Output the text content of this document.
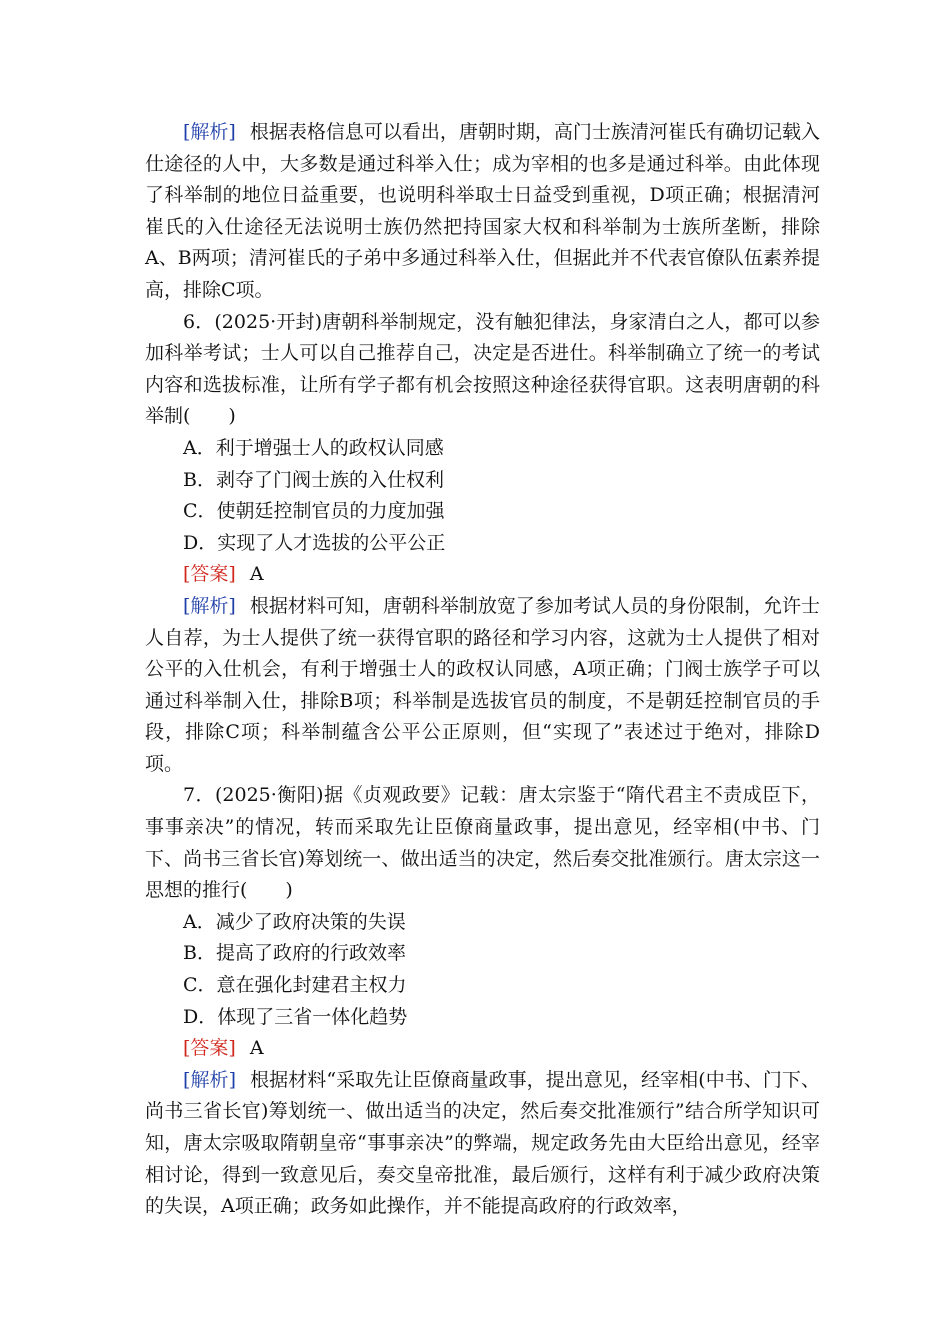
[解析] 根据表格信息可以看出，唐朝时期，高门士族清河崔氏有确切记载入仕途径的人中，大多数是通过科举入仕；成为宰相的也多是通过科举。由此体现了科举制的地位日益重要，也说明科举取士日益受到重视，D项正确；根据清河崔氏的入仕途径无法说明士族仍然把持国家大权和科举制为士族所垄断，排除A、B两项；清河崔氏的子弟中多通过科举入仕，但据此并不代表官僚队伍素养提高，排除C项。

6．(2025·开封)唐朝科举制规定，没有触犯律法，身家清白之人，都可以参加科举考试；士人可以自己推荐自己，决定是否进仕。科举制确立了统一的考试内容和选拔标准，让所有学子都有机会按照这种途径获得官职。这表明唐朝的科举制(　　)

A．利于增强士人的政权认同感

B．剥夺了门阀士族的入仕权利

C．使朝廷控制官员的力度加强

D．实现了人才选拔的公平公正

[答案] A

[解析] 根据材料可知，唐朝科举制放宽了参加考试人员的身份限制，允许士人自荐，为士人提供了统一获得官职的路径和学习内容，这就为士人提供了相对公平的入仕机会，有利于增强士人的政权认同感，A项正确；门阀士族学子可以通过科举制入仕，排除B项；科举制是选拔官员的制度，不是朝廷控制官员的手段，排除C项；科举制蕴含公平公正原则，但“实现了”表述过于绝对，排除D项。

7．(2025·衡阳)据《贞观政要》记载：唐太宗鉴于“隋代君主不责成臣下，事事亲决”的情况，转而采取先让臣僚商量政事，提出意见，经宰相(中书、门下、尚书三省长官)筹划统一、做出适当的决定，然后奏交批准颁行。唐太宗这一思想的推行(　　)

A．减少了政府决策的失误

B．提高了政府的行政效率

C．意在强化封建君主权力

D．体现了三省一体化趋势

[答案] A

[解析] 根据材料“采取先让臣僚商量政事，提出意见，经宰相(中书、门下、尚书三省长官)筹划统一、做出适当的决定，然后奏交批准颁行”结合所学知识可知，唐太宗吸取隋朝皇帝“事事亲决”的弊端，规定政务先由大臣给出意见，经宰相讨论，得到一致意见后，奏交皇帝批准，最后颁行，这样有利于减少政府决策的失误，A项正确；政务如此操作，并不能提高政府的行政效率，
